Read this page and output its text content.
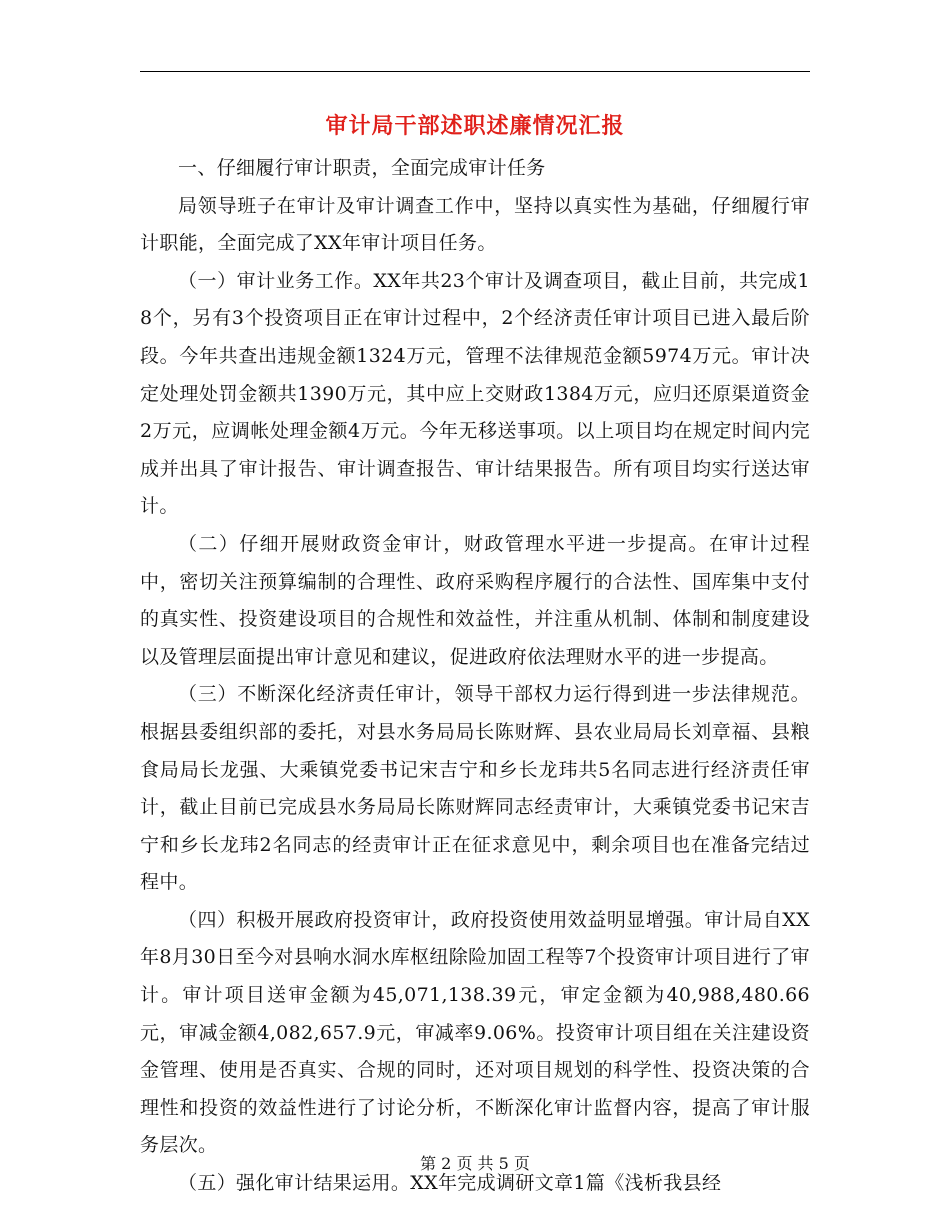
审计局干部述职述廉情况汇报

一、仔细履行审计职责，全面完成审计任务

局领导班子在审计及审计调查工作中，坚持以真实性为基础，仔细履行审计职能，全面完成了XX年审计项目任务。

（一）审计业务工作。XX年共23个审计及调查项目，截止目前，共完成18个，另有3个投资项目正在审计过程中，2个经济责任审计项目已进入最后阶段。今年共查出违规金额1324万元，管理不法律规范金额5974万元。审计决定处理处罚金额共1390万元，其中应上交财政1384万元，应归还原渠道资金2万元，应调帐处理金额4万元。今年无移送事项。以上项目均在规定时间内完成并出具了审计报告、审计调查报告、审计结果报告。所有项目均实行送达审计。

（二）仔细开展财政资金审计，财政管理水平进一步提高。在审计过程中，密切关注预算编制的合理性、政府采购程序履行的合法性、国库集中支付的真实性、投资建设项目的合规性和效益性，并注重从机制、体制和制度建设以及管理层面提出审计意见和建议，促进政府依法理财水平的进一步提高。

（三）不断深化经济责任审计，领导干部权力运行得到进一步法律规范。根据县委组织部的委托，对县水务局局长陈财辉、县农业局局长刘章福、县粮食局局长龙强、大乘镇党委书记宋吉宁和乡长龙玮共5名同志进行经济责任审计，截止目前已完成县水务局局长陈财辉同志经责审计，大乘镇党委书记宋吉宁和乡长龙玮2名同志的经责审计正在征求意见中，剩余项目也在准备完结过程中。

（四）积极开展政府投资审计，政府投资使用效益明显增强。审计局自XX年8月30日至今对县响水洞水库枢纽除险加固工程等7个投资审计项目进行了审计。审计项目送审金额为45,071,138.39元，审定金额为40,988,480.66元，审减金额4,082,657.9元，审减率9.06%。投资审计项目组在关注建设资金管理、使用是否真实、合规的同时，还对项目规划的科学性、投资决策的合理性和投资的效益性进行了讨论分析，不断深化审计监督内容，提高了审计服务层次。

（五）强化审计结果运用。XX年完成调研文章1篇《浅析我县经

第 2 页 共 5 页
